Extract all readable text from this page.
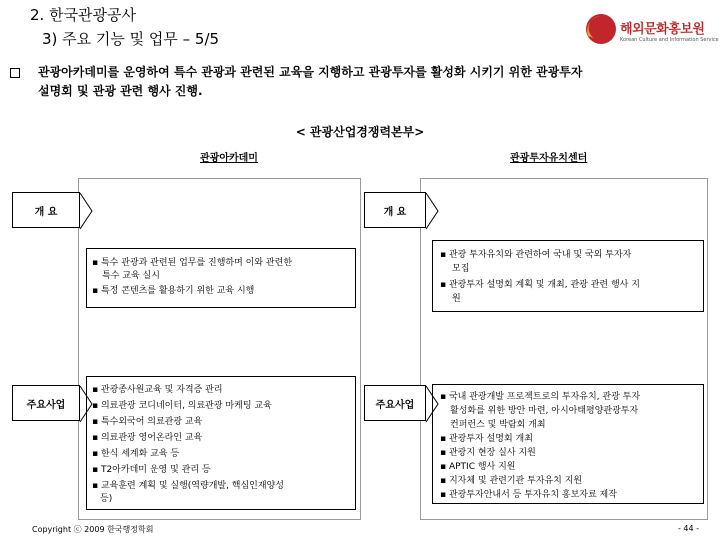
2. 한국관광공사
3) 주요 기능 및 업무 – 5/5
해외문화홍보원
Korean Culture and Information Service
관광아카데미를 운영하여 특수 관광과 관련된 교육을 지행하고 관광투자를 활성화 시키기 위한 관광투자
설명회 및 관광 관련 행사 진행.
< 관광산업경쟁력본부>
관광아카데미	관광투자유치센터
개 요
▪ 특수 관광과 관련된 업무를 진행하며 이와 관련한
특수 교육 실시
▪ 특정 콘텐츠를 활용하기 위한 교육 시행
주요사업
▪ 관광종사원교육 및 자격증 관리
▪ 의료관광 코디네이터, 의료관광 마케팅 교육
▪ 특수외국어 의료관광 교육
▪ 의료관광 영어온라인 교육
▪ 한식 세계화 교육 등
▪ T2아카데미 운영 및 관리 등
▪ 교육훈련 계획 및 실행(역량개발, 핵심인재양성
등)
개 요
▪ 관광 투자유치와 관련하여 국내 및 국외 투자자
모집
▪ 관광투자 설명회 계획 및 개최, 관광 관련 행사 지
원
주요사업
▪ 국내 관광개발 프로젝트로의 투자유치, 관광 투자
활성화를 위한 방안 마련, 아시아태평양관광투자
컨퍼런스 및 박람회 개최
▪ 관광투자 설명회 개최
▪ 관광지 현장 실사 지원
▪ APTIC 행사 지원
▪ 지자체 및 관련기관 투자유치 지원
▪ 관광투자안내서 등 투자유치 홍보자료 제작
Copyright ⓒ 2009 한국행정학회	- 44 -
